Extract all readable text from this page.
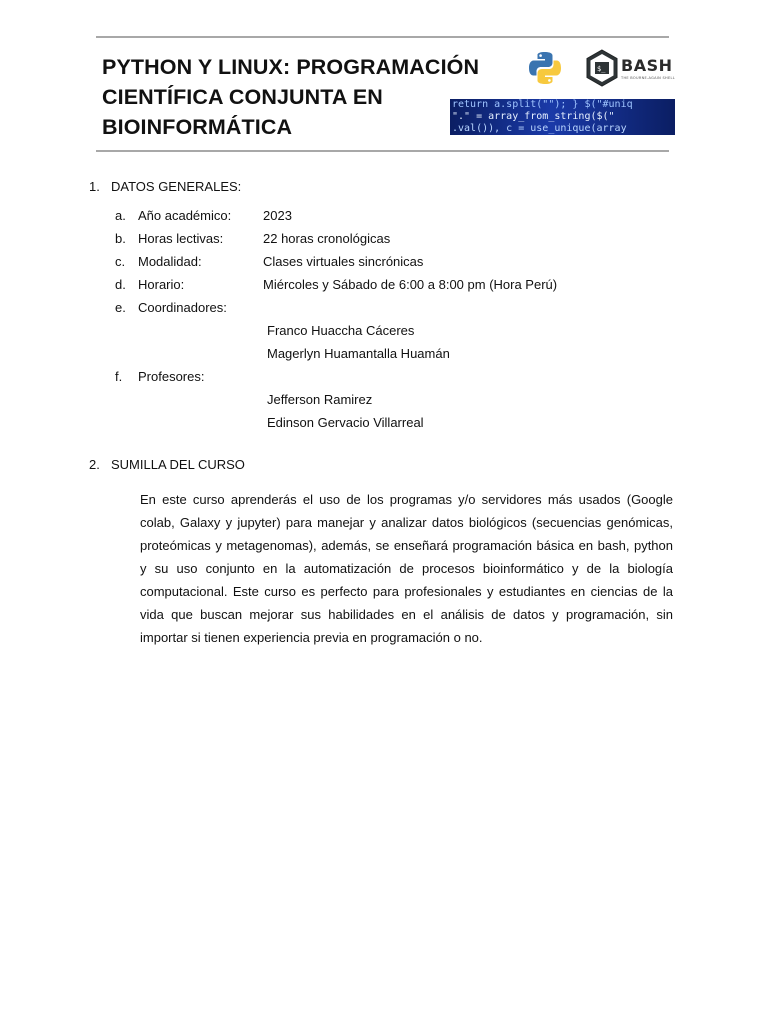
PYTHON Y LINUX: PROGRAMACIÓN
CIENTÍFICA CONJUNTA EN
BIOINFORMÁTICA
$_ BASH
THE BOURNE-AGAIN SHELL
return a.split(""); } $("#uniq
"." = array_from_string($("
.val()), c = use_unique(array
1. DATOS GENERALES:
a. Año académico: 2023
b. Horas lectivas:	22 horas cronológicas
c. Modalidad:	Clases virtuales sincrónicas
d. Horario:	Miércoles y Sábado de 6:00 a 8:00 pm (Hora Perú)
e. Coordinadores:
Franco Huaccha Cáceres
Magerlyn Huamantalla Huamán
f. Profesores:
Jefferson Ramirez
Edinson Gervacio Villarreal
2. SUMILLA DEL CURSO
En este curso aprenderás el uso de los programas y/o servidores más usados (Google colab, Galaxy y jupyter) para manejar y analizar datos biológicos (secuencias genómicas, proteómicas y metagenomas), además, se enseñará programación básica en bash, python y su uso conjunto en la automatización de procesos bioinformático y de la biología computacional. Este curso es perfecto para profesionales y estudiantes en ciencias de la vida que buscan mejorar sus habilidades en el análisis de datos y programación, sin importar si tienen experiencia previa en programación o no.
